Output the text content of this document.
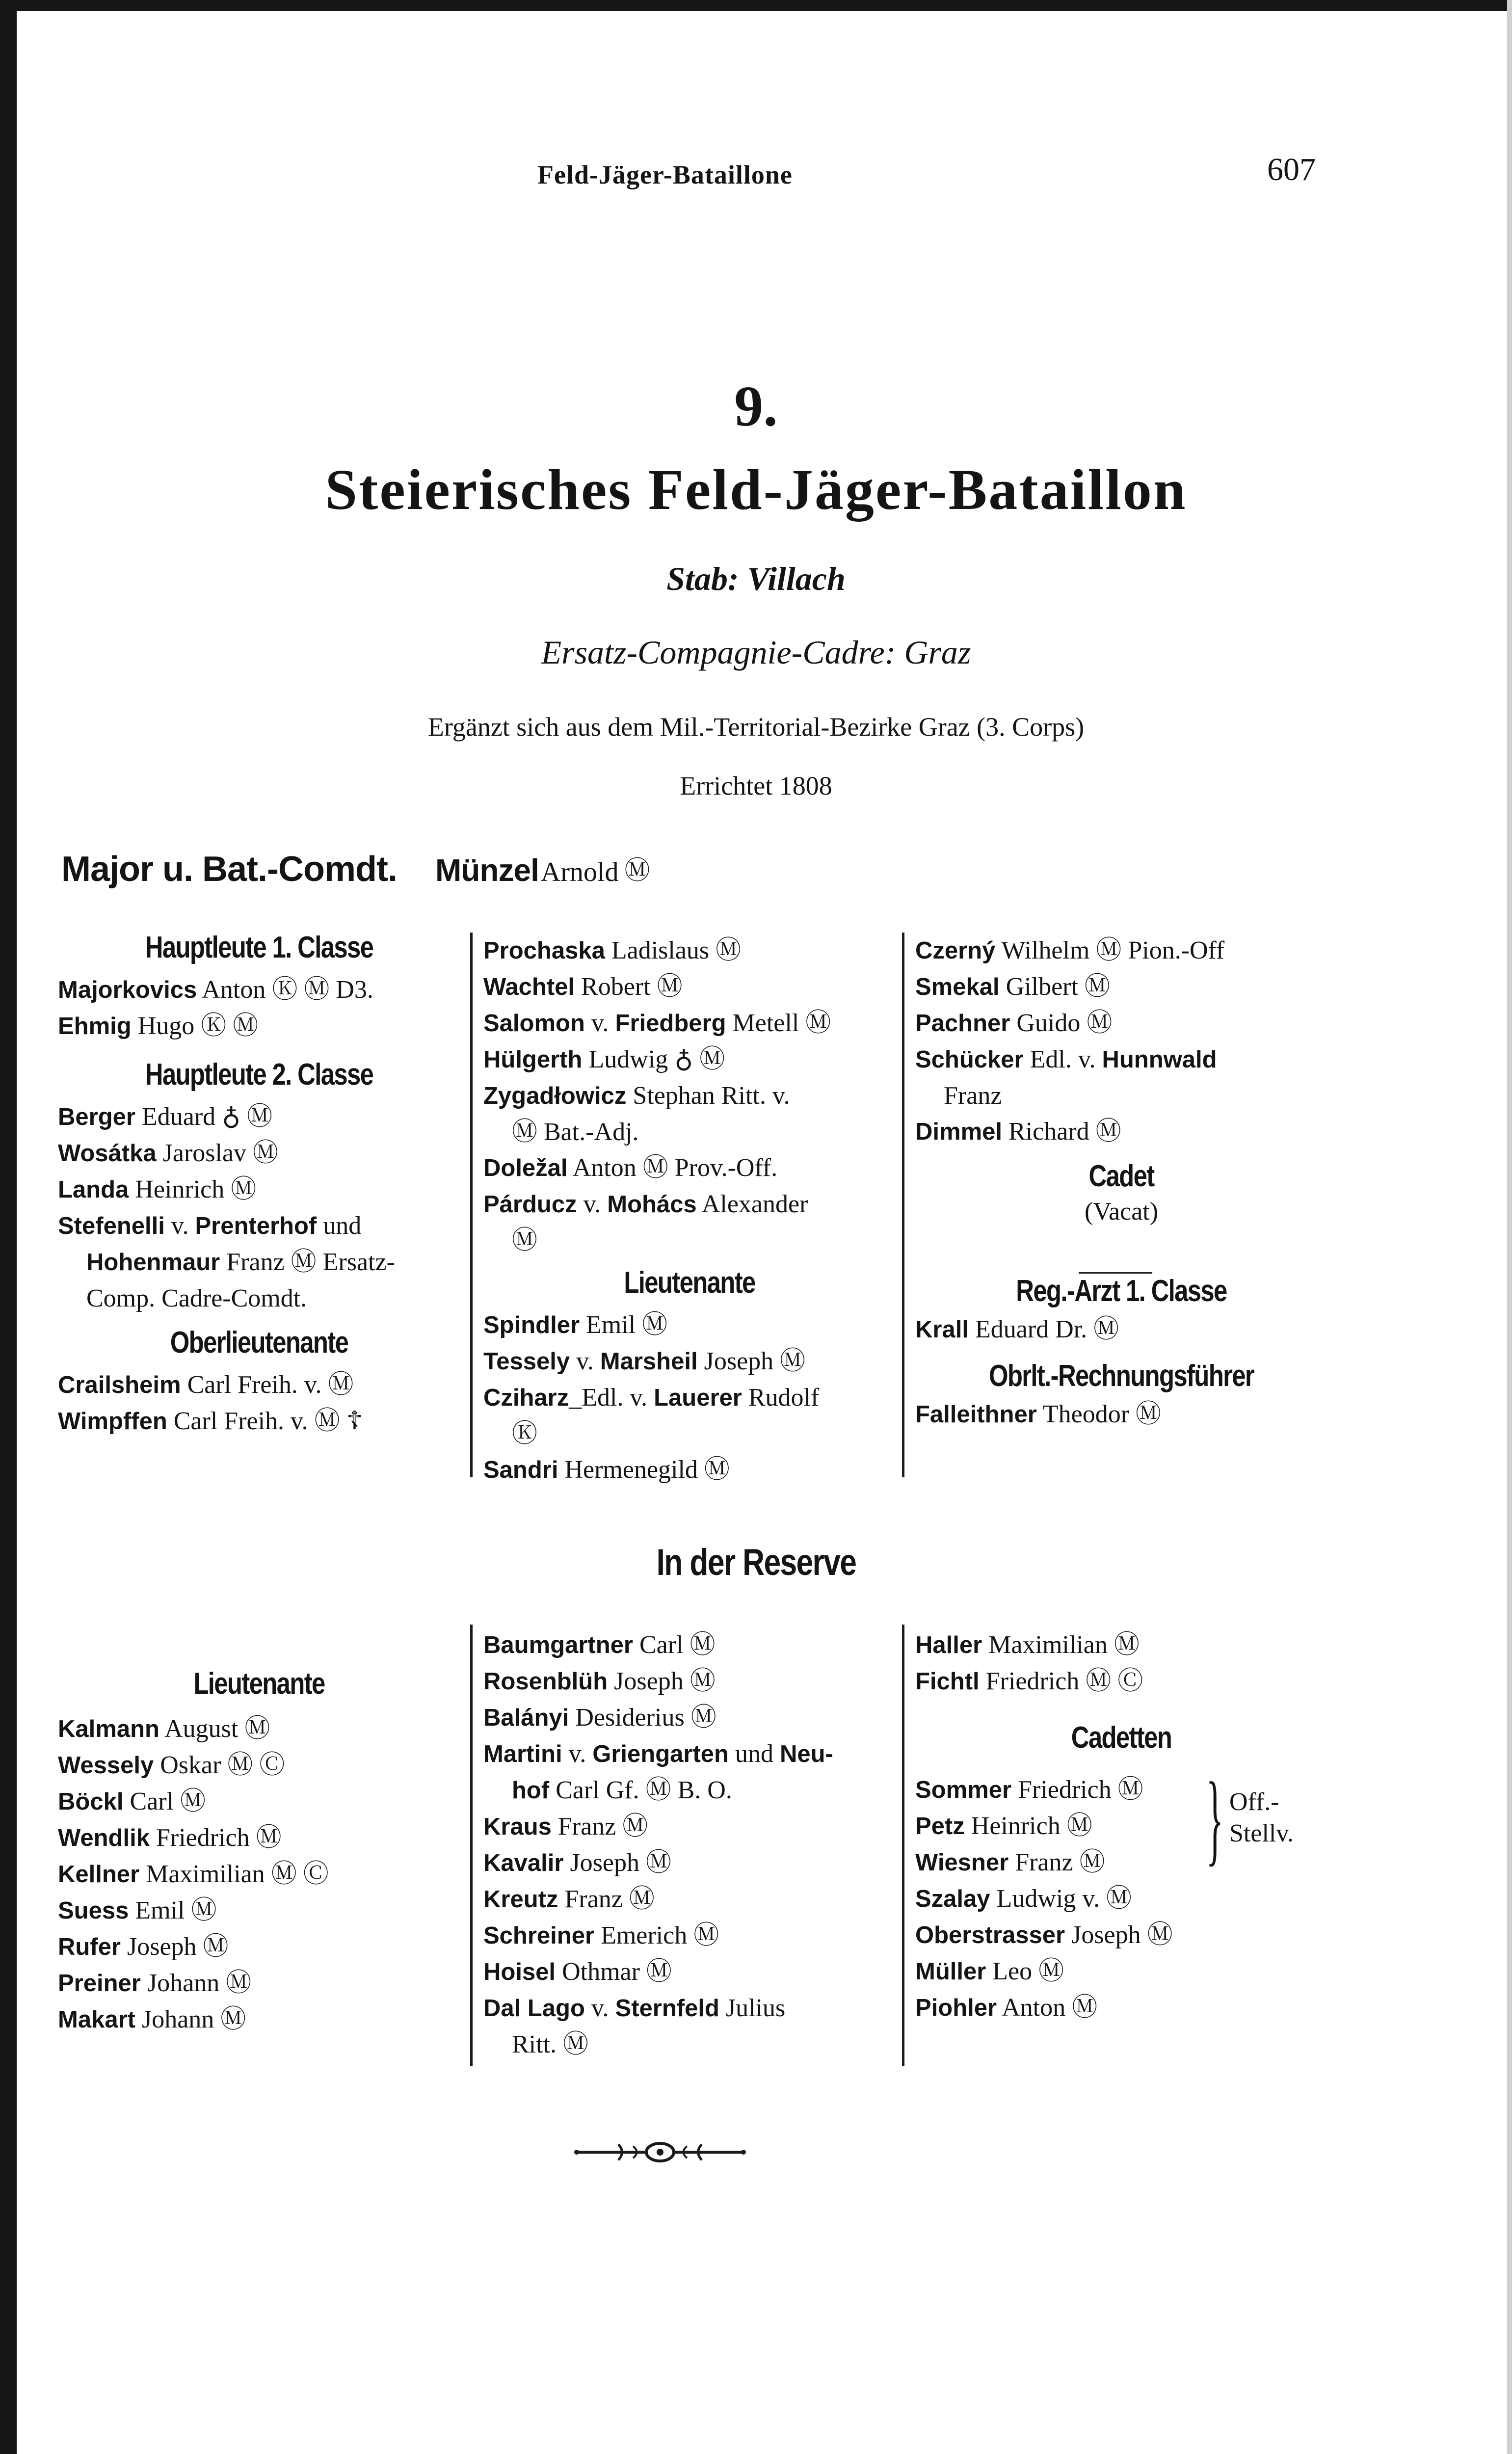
Feld-Jäger-Bataillone	607
9.
Steierisches Feld-Jäger-Bataillon
Stab: Villach
Ersatz-Compagnie-Cadre: Graz
Ergänzt sich aus dem Mil.-Territorial-Bezirke Graz (3. Corps)
Errichtet 1808
Major u. Bat.-Comdt. Münzel Arnold Ⓜ
Hauptleute 1. Classe
Majorkovics Anton Ⓚ Ⓜ D3.
Ehmig Hugo Ⓚ Ⓜ
Hauptleute 2. Classe
Berger Eduard ♁ Ⓜ
Wosátka Jaroslav Ⓜ
Landa Heinrich Ⓜ
Stefenelli v. Prenterhof und
Hohenmaur Franz Ⓜ Ersatz-
Comp. Cadre-Comdt.
Oberlieutenante
Crailsheim Carl Freih. v. Ⓜ
Wimpffen Carl Freih. v. Ⓜ ☦
Prochaska Ladislaus Ⓜ
Wachtel Robert Ⓜ
Salomon v. Friedberg Metell Ⓜ
Hülgerth Ludwig ♁ Ⓜ
Zygadłowicz Stephan Ritt. v.
Ⓜ Bat.-Adj.
Doležal Anton Ⓜ Prov.-Off.
Párducz v. Mohács Alexander
Ⓜ
Lieutenante
Spindler Emil Ⓜ
Tessely v. Marsheil Joseph Ⓜ
Cziharz_Edl. v. Lauerer Rudolf
Ⓚ
Sandri Hermenegild Ⓜ
Czerný Wilhelm Ⓜ Pion.-Off
Smekal Gilbert Ⓜ
Pachner Guido Ⓜ
Schücker Edl. v. Hunnwald
Franz
Dimmel Richard Ⓜ
Cadet
(Vacat)
Reg.-Arzt 1. Classe
Krall Eduard Dr. Ⓜ
Obrlt.-Rechnungsführer
Falleithner Theodor Ⓜ
In der Reserve
Lieutenante
Kalmann August Ⓜ
Wessely Oskar Ⓜ Ⓒ
Böckl Carl Ⓜ
Wendlik Friedrich Ⓜ
Kellner Maximilian Ⓜ Ⓒ
Suess Emil Ⓜ
Rufer Joseph Ⓜ
Preiner Johann Ⓜ
Makart Johann Ⓜ
Baumgartner Carl Ⓜ
Rosenblüh Joseph Ⓜ
Balányi Desiderius Ⓜ
Martini v. Griengarten und Neu-
hof Carl Gf. Ⓜ B. O.
Kraus Franz Ⓜ
Kavalir Joseph Ⓜ
Kreutz Franz Ⓜ
Schreiner Emerich Ⓜ
Hoisel Othmar Ⓜ
Dal Lago v. Sternfeld Julius
Ritt. Ⓜ
Haller Maximilian Ⓜ
Fichtl Friedrich Ⓜ Ⓒ
Cadetten
Sommer Friedrich Ⓜ
Petz Heinrich Ⓜ
Wiesner Franz Ⓜ } Off.-
Stellv.
Szalay Ludwig v. Ⓜ
Oberstrasser Joseph Ⓜ
Müller Leo Ⓜ
Piohler Anton Ⓜ
